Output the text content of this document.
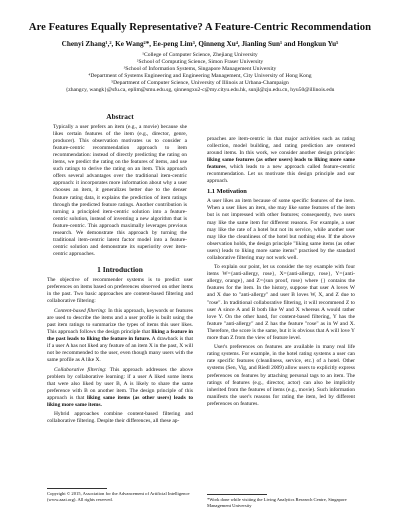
Are Features Equally Representative? A Feature-Centric Recommendation
Chenyi Zhang¹,², Ke Wang²*, Ee-peng Lim³, Qinneng Xu⁴, Jianling Sun¹ and Hongkun Yu⁵
¹College of Computer Science, Zhejiang University
²School of Computing Science, Simon Fraser University
³School of Information Systems, Singapore Management University
⁴Department of Systems Engineering and Engineering Management, City University of Hong Kong
⁵Department of Computer Science, University of Illinois at Urbana-Champaign
{zhangcy, wangk}@sfu.ca, eplim@smu.edu.sg, qinnengxu2-c@my.cityu.edu.hk, sunjl@zju.edu.cn, hyu50@illinois.edu
Abstract

Typically a user prefers an item (e.g., a movie) because she likes certain features of the item (e.g., director, genre, producer). This observation motivates us to consider a feature-centric recommendation approach to item recommendation: instead of directly predicting the rating on items, we predict the rating on the features of items, and use such ratings to derive the rating on an item. This approach offers several advantages over the traditional item-centric approach: it incorporates more information about why a user chooses an item, it generalizes better due to the denser feature rating data, it explains the prediction of item ratings through the predicted feature ratings. Another contribution is turning a principled item-centric solution into a feature-centric solution, instead of inventing a new algorithm that is feature-centric. This approach maximally leverages previous research. We demonstrate this approach by turning the traditional item-centric latent factor model into a feature-centric solution and demonstrate its superiority over item-centric approaches.

1 Introduction

The objective of recommender systems is to predict user preferences on items based on preferences observed on other items in the past. Two basic approaches are content-based filtering and collaborative filtering:

Content-based filtering: In this approach, keywords or features are used to describe the items and a user profile is built using the past item ratings to summarize the types of items this user likes. This approach follows the design principle that liking a feature in the past leads to liking the feature in future. A drawback is that if a user A has not liked any feature of an item X in the past, X will not be recommended to the user, even though many users with the same profile as A like X.

Collaborative filtering: This approach addresses the above problem by collaborative learning: if a user A liked some items that were also liked by user B, A is likely to share the same preference with B on another item. The design principle of this approach is that liking same items (as other users) leads to liking more same items.

Hybrid approaches combine content-based filtering and collaborative filtering. Despite their differences, all these ap-

Copyright © 2015, Association for the Advancement of Artificial Intelligence (www.aaai.org). All rights reserved.

proaches are item-centric in that major activities such as rating collection, model building, and rating prediction are centered around items. In this work, we consider another design principle: liking same features (as other users) leads to liking more same features, which leads to a new approach called feature-centric recommendation. Let us motivate this design principle and our approach.

1.1 Motivation

A user likes an item because of some specific features of the item. When a user likes an item, she may like some features of the item but is not impressed with other features; consequently, two users may like the same item for different reasons. For example, a user may like the rate of a hotel but not its service, while another user may like the cleanliness of the hotel but nothing else. If the above observation holds, the design principle "liking same items (as other users) leads to liking more same items" practised by the standard collaborative filtering may not work well.

To explain our point, let us consider the toy example with four items W={anti-allergy, rose}, X={anti-allergy, rose}, Y={anti-allergy, orange}, and Z={sun proof, rose} where {} contains the features for the item. In the history, suppose that user A loves W and X due to "anti-allergy" and user B loves W, X, and Z due to "rose". In traditional collaborative filtering, it will recommend Z to user A since A and B both like W and X whereas A would rather love Y. On the other hand, for content-based filtering, Y has the feature "anti-allergy" and Z has the feature "rose" as in W and X. Therefore, the score is the same, but it is obvious that A will love Y more than Z from the view of feature level.

User's preferences on features are available in many real life rating systems. For example, in the hotel rating systems a user can rate specific features (cleanliness, service, etc.) of a hotel. Other systems (Sen, Vig, and Riedl 2009) allow users to explicitly express preferences on features by attaching personal tags to an item. The ratings of features (e.g., director, actor) can also be implicitly inherited from the features of items (e.g., movie). Such information manifests the user's reasons for rating the item, led by different preferences on features.

*Work done while visiting the Living Analytics Research Centre, Singapore Management University
